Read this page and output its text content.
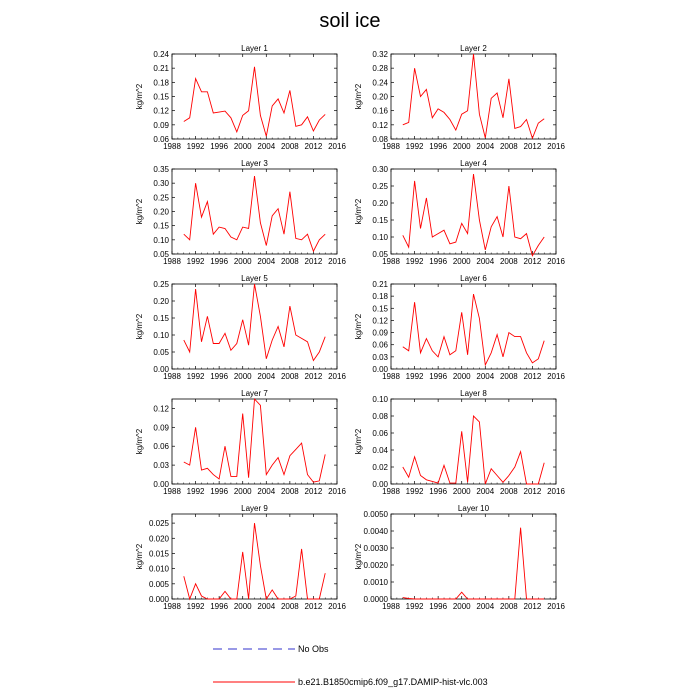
soil ice
Layer 1
kg/m^2
1988 1992 1996 2000 2004 2008 2012 2016
0.06
0.09
0.12
0.15
0.18
0.21
0.24
Layer 2
kg/m^2
1988 1992 1996 2000 2004 2008 2012 2016
0.08
0.12
0.16
0.20
0.24
0.28
0.32
Layer 3
kg/m^2
1988 1992 1996 2000 2004 2008 2012 2016
0.05
0.10
0.15
0.20
0.25
0.30
0.35
Layer 4
kg/m^2
1988 1992 1996 2000 2004 2008 2012 2016
0.05
0.10
0.15
0.20
0.25
0.30
Layer 5
kg/m^2
1988 1992 1996 2000 2004 2008 2012 2016
0.00
0.05
0.10
0.15
0.20
0.25
Layer 6
kg/m^2
1988 1992 1996 2000 2004 2008 2012 2016
0.00
0.03
0.06
0.09
0.12
0.15
0.18
0.21
Layer 7
kg/m^2
1988 1992 1996 2000 2004 2008 2012 2016
0.00
0.03
0.06
0.09
0.12
Layer 8
kg/m^2
1988 1992 1996 2000 2004 2008 2012 2016
0.00
0.02
0.04
0.06
0.08
0.10
Layer 9
kg/m^2
1988 1992 1996 2000 2004 2008 2012 2016
0.000
0.005
0.010
0.015
0.020
0.025
Layer 10
kg/m^2
1988 1992 1996 2000 2004 2008 2012 2016
0.0000
0.0010
0.0020
0.0030
0.0040
0.0050
No Obs
b.e21.B1850cmip6.f09_g17.DAMIP-hist-vlc.003
